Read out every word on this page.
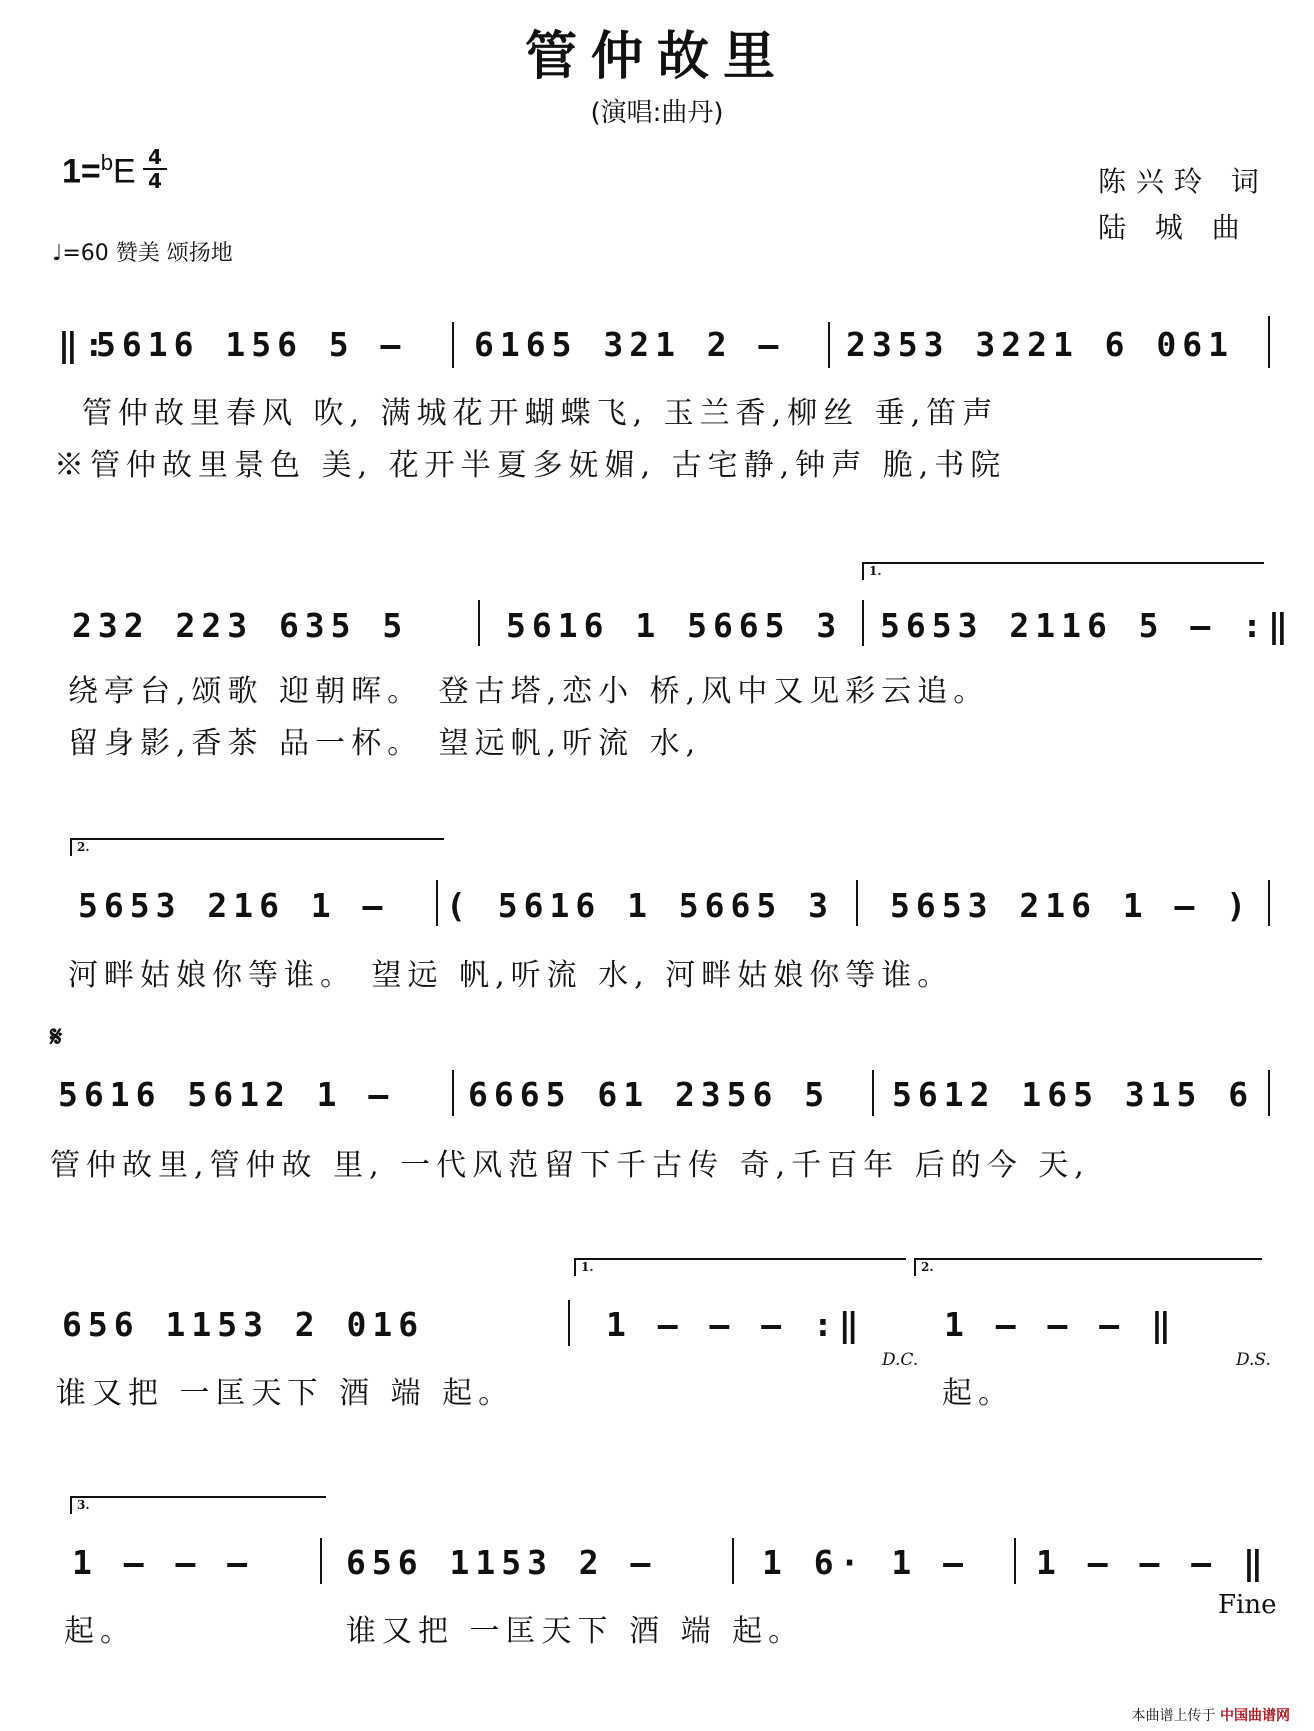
管仲故里
(演唱:曲丹)
1=$^b$E 4
4
♩=60 赞美 颂扬地
陈兴玲 词
陆 城 曲
‖:
5616 156 5 – 6165 321 2 – 2353 3221 6 061
管仲故里春风 吹, 满城花开蝴蝶飞, 玉兰香,柳丝 垂,笛声
※管仲故里景色 美, 花开半夏多妩媚, 古宅静,钟声 脆,书院
1.
232 223 635 5	5616 1 5665 3 5653 2116 5 – :‖
绕亭台,颂歌 迎朝晖。 登古塔,恋小 桥,风中又见彩云追。
留身影,香茶 品一杯。 望远帆,听流 水,
2.
5653 216 1 – ( 5616 1 5665 3 5653 216 1 – )
河畔姑娘你等谁。 望远 帆,听流 水, 河畔姑娘你等谁。
𝄋
5616 5612 1 – 6665 61 2356 5 5612 165 315 6
管仲故里,管仲故 里, 一代风范留下千古传 奇,千百年 后的今 天,
1.	2.
656 1153 2 016	1 – – – :‖ 1 – – – ‖
D.C.	D.S.
谁又把 一匡天下 酒 端 起。	起。
3.
1 – – –	656 1153 2 –	1 6· 1 – 1 – – – ‖
起。	谁又把 一匡天下 酒 端 起。
Fine
本曲谱上传于 中国曲谱网
